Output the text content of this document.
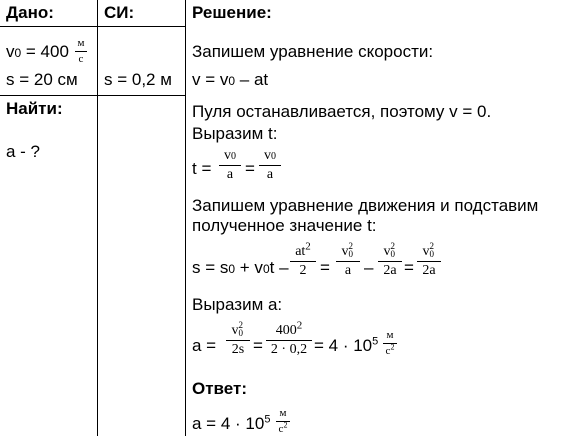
Дано:	СИ:	Решение:
Найти:
v0 = 400 м
с
s = 20 см s = 0,2 м
a - ?
Запишем уравнение скорости:
v = v0 – at
Пуля останавливается, поэтому v = 0.
Выразим t:
t =
v0
a =
v0
a
Запишем уравнение движения и подставим
полученное значение t:
s = s0 + v0t –
$at^2$
2 =
v 2
0
a –
v 2
0
2a =
v 2
0
2a
Выразим a:
a =
v 2
0
2s =
$400^2$
$2 \cdot 0,2 = 4 \cdot 10^5$
м
$с^2$
Ответ:
$a = 4 \cdot 10^5$
м
$с^2$
